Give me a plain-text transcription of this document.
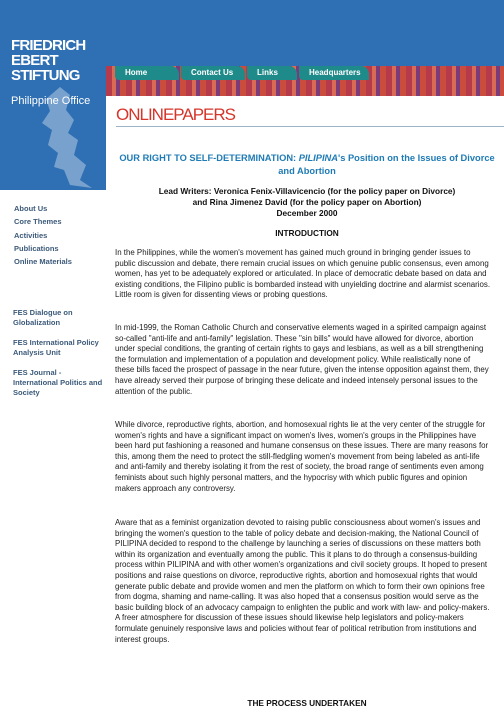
FRIEDRICH
EBERT
STIFTUNG
Philippine Office
Home	Contact Us	Links	Headquarters
About Us
Core Themes
Activities
Publications
Online Materials
FES Dialogue on Globalization
FES International Policy Analysis Unit
FES Journal - International Politics and Society
ONLINEPAPERS
OUR RIGHT TO SELF-DETERMINATION: PILIPINA's Position on the Issues of Divorce and Abortion
Lead Writers: Veronica Fenix-Villavicencio (for the policy paper on Divorce)
and Rina Jimenez David (for the policy paper on Abortion)
December 2000
INTRODUCTION

In the Philippines, while the women's movement has gained much ground in bringing gender issues to public discussion and debate, there remain crucial issues on which genuine public consensus, even among women, has yet to be adequately explored or articulated. In place of democratic debate based on data and existing conditions, the Filipino public is bombarded instead with unyielding doctrine and alarmist scenarios. Little room is given for dissenting views or probing questions.

In mid-1999, the Roman Catholic Church and conservative elements waged in a spirited campaign against so-called "anti-life and anti-family" legislation. These "sin bills" would have allowed for divorce, abortion under special conditions, the granting of certain rights to gays and lesbians, as well as a bill strengthening the formulation and implementation of a population and development policy. While realistically none of these bills faced the prospect of passage in the near future, given the intense opposition against them, they have already served their purpose of bringing these delicate and indeed intensely personal issues to the attention of the public.

While divorce, reproductive rights, abortion, and homosexual rights lie at the very center of the struggle for women's rights and have a significant impact on women's lives, women's groups in the Philippines have been hard put fashioning a reasoned and humane consensus on these issues. There are many reasons for this, among them the need to protect the still-fledgling women's movement from being labeled as anti-life and anti-family and thereby isolating it from the rest of society, the broad range of sentiments even among feminists about such highly personal matters, and the hypocrisy with which public figures and opinion makers approach any controversy.

Aware that as a feminist organization devoted to raising public consciousness about women's issues and bringing the women's question to the table of policy debate and decision-making, the National Council of PILIPINA decided to respond to the challenge by launching a series of discussions on these matters both within its organization and eventually among the public. This it plans to do through a consensus-building process within PILIPINA and with other women's organizations and civil society groups. It hoped to present positions and raise questions on divorce, reproductive rights, abortion and homosexual rights that would generate public debate and provide women and men the platform on which to form their own opinions free from dogma, shaming and name-calling. It was also hoped that a consensus position would serve as the basic building block of an advocacy campaign to enlighten the public and work with law- and policy-makers. A freer atmosphere for discussion of these issues should likewise help legislators and policy-makers formulate genuinely responsive laws and policies without fear of political retribution from institutions and interest groups.

THE PROCESS UNDERTAKEN
